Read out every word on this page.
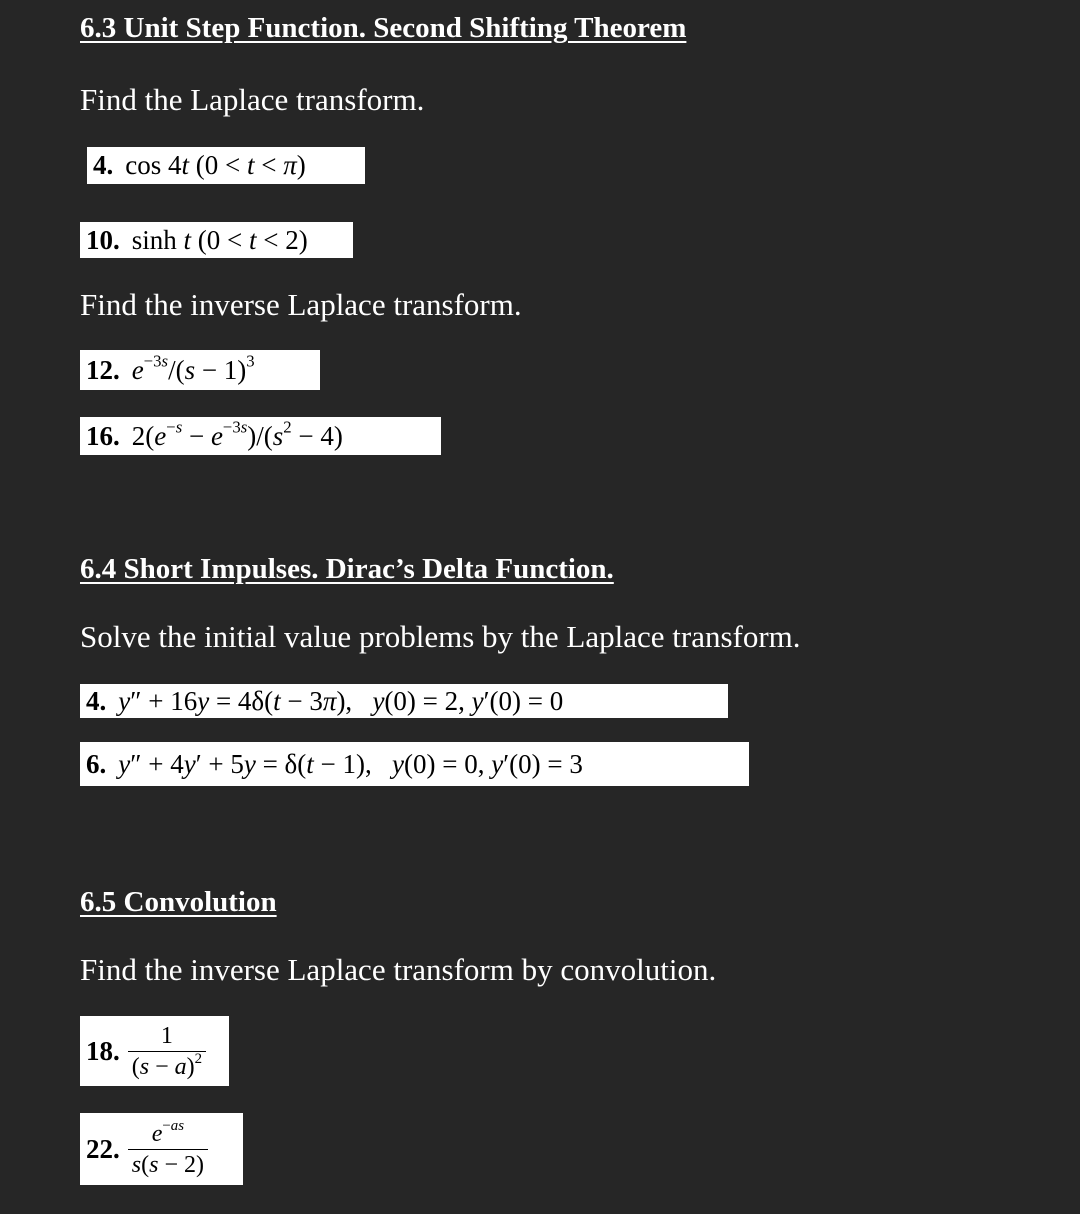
6.3 Unit Step Function. Second Shifting Theorem
Find the Laplace transform.
4. cos 4t (0 < t < π)
10. sinh t (0 < t < 2)
Find the inverse Laplace transform.
12. $e^{-3s}/(s - 1)^3$
16. $2(e^{-s} - e^{-3s})/(s^2 - 4)$
6.4 Short Impulses. Dirac’s Delta Function.
Solve the initial value problems by the Laplace transform.
4. y″ + 16y = 4δ(t − 3π),   y(0) = 2, y′(0) = 0
6. y″ + 4y′ + 5y = δ(t − 1),   y(0) = 0, y′(0) = 3
6.5 Convolution
Find the inverse Laplace transform by convolution.
18. $\frac{1}{(s - a)^2}$
22. $\frac{e^{-as}}{s(s - 2)}$
